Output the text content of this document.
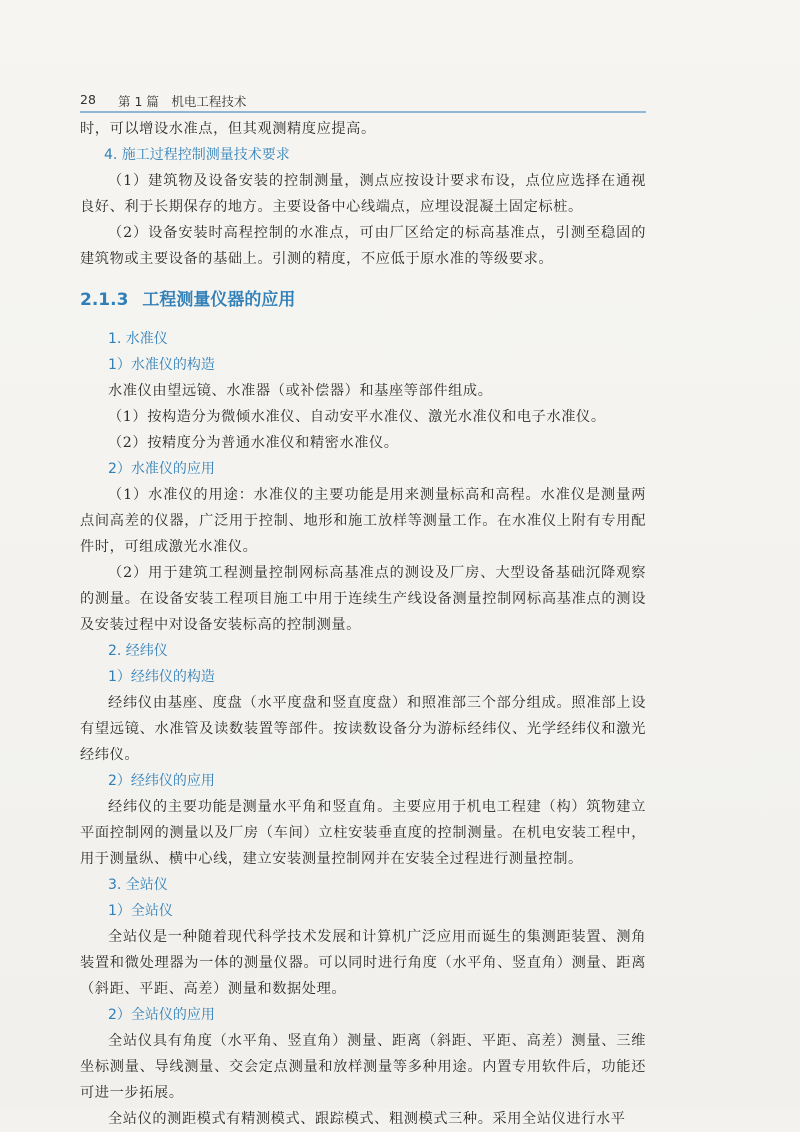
28 第 1 篇　机电工程技术

时，可以增设水准点，但其观测精度应提高。

4. 施工过程控制测量技术要求

（1）建筑物及设备安装的控制测量，测点应按设计要求布设，点位应选择在通视良好、利于长期保存的地方。主要设备中心线端点，应埋设混凝土固定标桩。

（2）设备安装时高程控制的水准点，可由厂区给定的标高基准点，引测至稳固的建筑物或主要设备的基础上。引测的精度，不应低于原水准的等级要求。

2.1.3 工程测量仪器的应用
1. 水准仪
1）水准仪的构造

水准仪由望远镜、水准器（或补偿器）和基座等部件组成。

（1）按构造分为微倾水准仪、自动安平水准仪、激光水准仪和电子水准仪。

（2）按精度分为普通水准仪和精密水准仪。

2）水准仪的应用

（1）水准仪的用途：水准仪的主要功能是用来测量标高和高程。水准仪是测量两点间高差的仪器，广泛用于控制、地形和施工放样等测量工作。在水准仪上附有专用配件时，可组成激光水准仪。

（2）用于建筑工程测量控制网标高基准点的测设及厂房、大型设备基础沉降观察的测量。在设备安装工程项目施工中用于连续生产线设备测量控制网标高基准点的测设及安装过程中对设备安装标高的控制测量。

2. 经纬仪
1）经纬仪的构造

经纬仪由基座、度盘（水平度盘和竖直度盘）和照准部三个部分组成。照准部上设有望远镜、水准管及读数装置等部件。按读数设备分为游标经纬仪、光学经纬仪和激光经纬仪。

2）经纬仪的应用

经纬仪的主要功能是测量水平角和竖直角。主要应用于机电工程建（构）筑物建立平面控制网的测量以及厂房（车间）立柱安装垂直度的控制测量。在机电安装工程中，用于测量纵、横中心线，建立安装测量控制网并在安装全过程进行测量控制。

3. 全站仪
1）全站仪

全站仪是一种随着现代科学技术发展和计算机广泛应用而诞生的集测距装置、测角装置和微处理器为一体的测量仪器。可以同时进行角度（水平角、竖直角）测量、距离（斜距、平距、高差）测量和数据处理。

2）全站仪的应用

全站仪具有角度（水平角、竖直角）测量、距离（斜距、平距、高差）测量、三维坐标测量、导线测量、交会定点测量和放样测量等多种用途。内置专用软件后，功能还可进一步拓展。

全站仪的测距模式有精测模式、跟踪模式、粗测模式三种。采用全站仪进行水平
